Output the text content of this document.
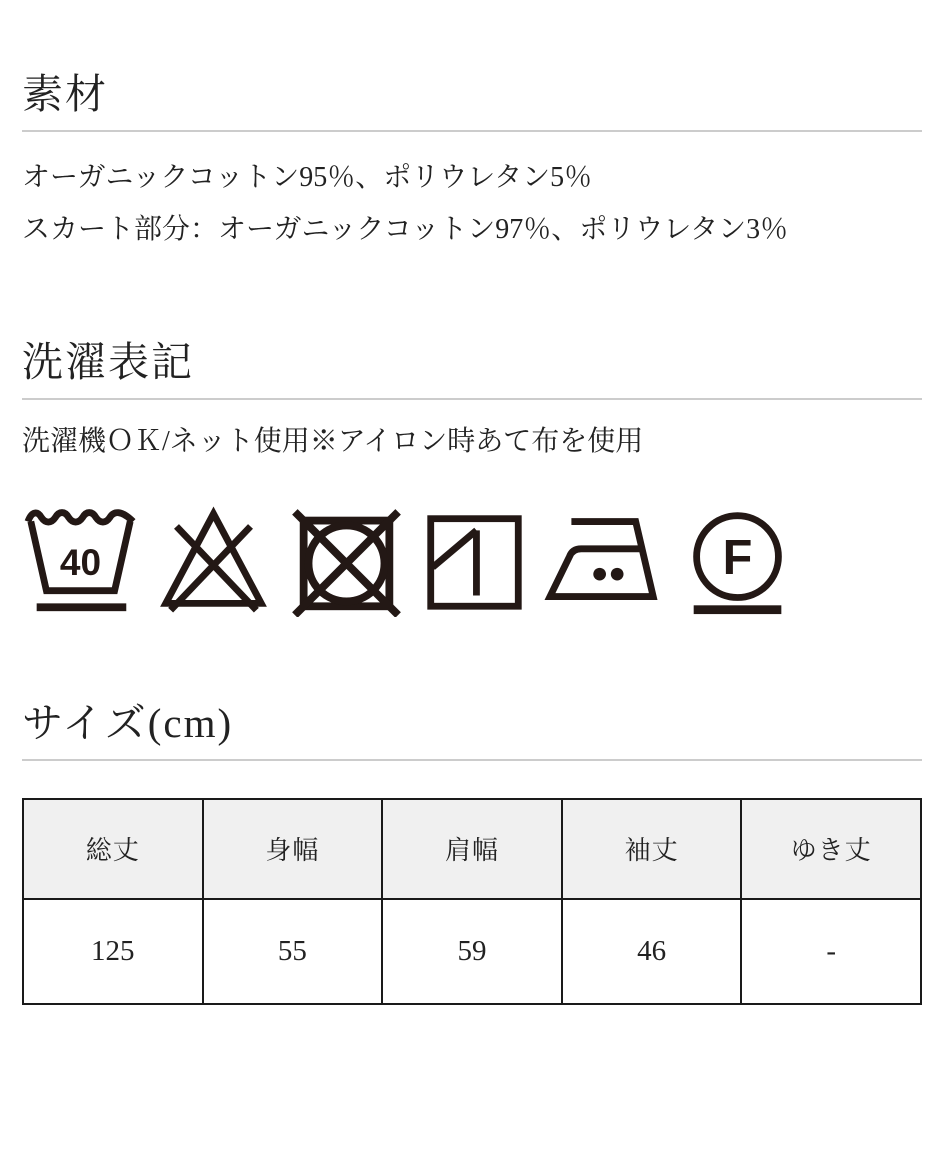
素材

オーガニックコットン95％、ポリウレタン5％

スカート部分：オーガニックコットン97％、ポリウレタン3％

洗濯表記

洗濯機ＯＫ/ネット使用※アイロン時あて布を使用

40	F
サイズ(cm)
総丈	身幅	肩幅	袖丈	ゆき丈
125	55	59	46	-
